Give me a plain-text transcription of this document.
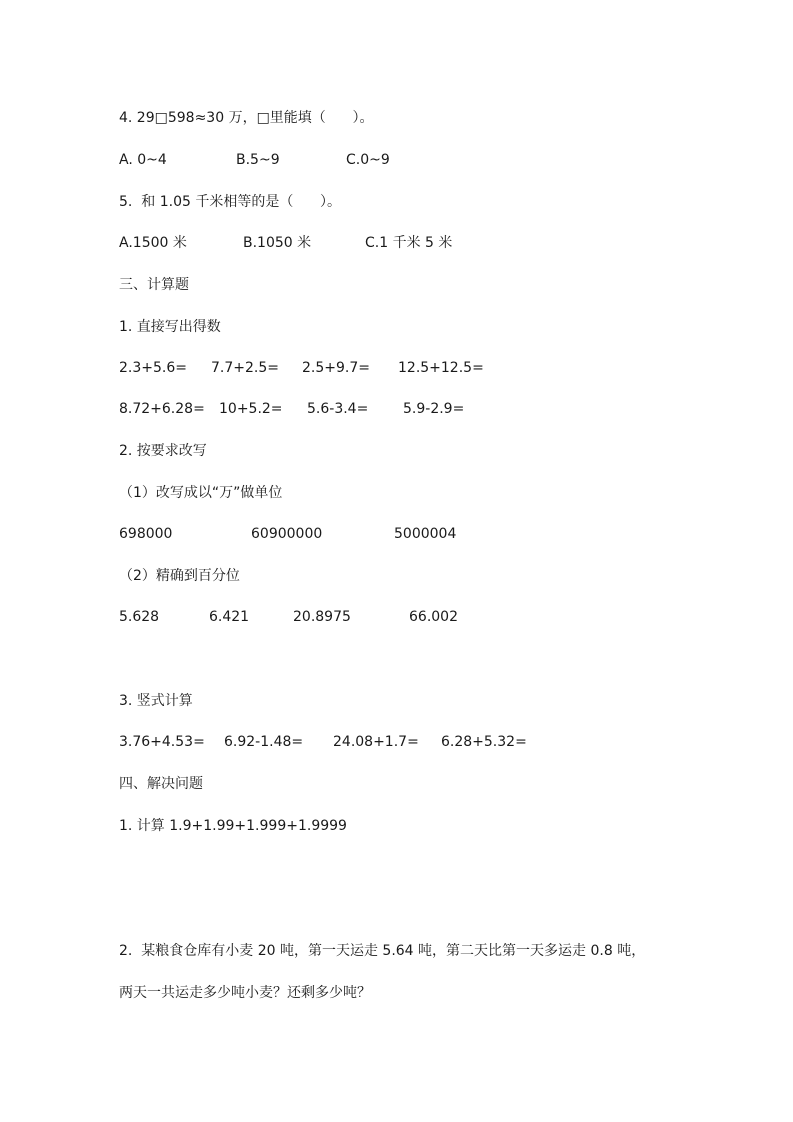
4. 29□598≈30 万，□里能填（      ）。
A. 0~4	B.5~9	C.0~9
5.  和 1.05 千米相等的是（      ）。
A.1500 米	B.1050 米	C.1 千米 5 米
三、计算题
1. 直接写出得数
2.3+5.6= 7.7+2.5= 2.5+9.7= 12.5+12.5=
8.72+6.28= 10+5.2= 5.6-3.4= 5.9-2.9=
2. 按要求改写
（1）改写成以“万”做单位
698000	60900000	5000004
（2）精确到百分位
5.628	6.421	20.8975	66.002
3. 竖式计算
3.76+4.53= 6.92-1.48= 24.08+1.7= 6.28+5.32=
四、解决问题
1. 计算 1.9+1.99+1.999+1.9999
2.  某粮食仓库有小麦 20 吨，第一天运走 5.64 吨，第二天比第一天多运走 0.8 吨，
两天一共运走多少吨小麦？还剩多少吨？
